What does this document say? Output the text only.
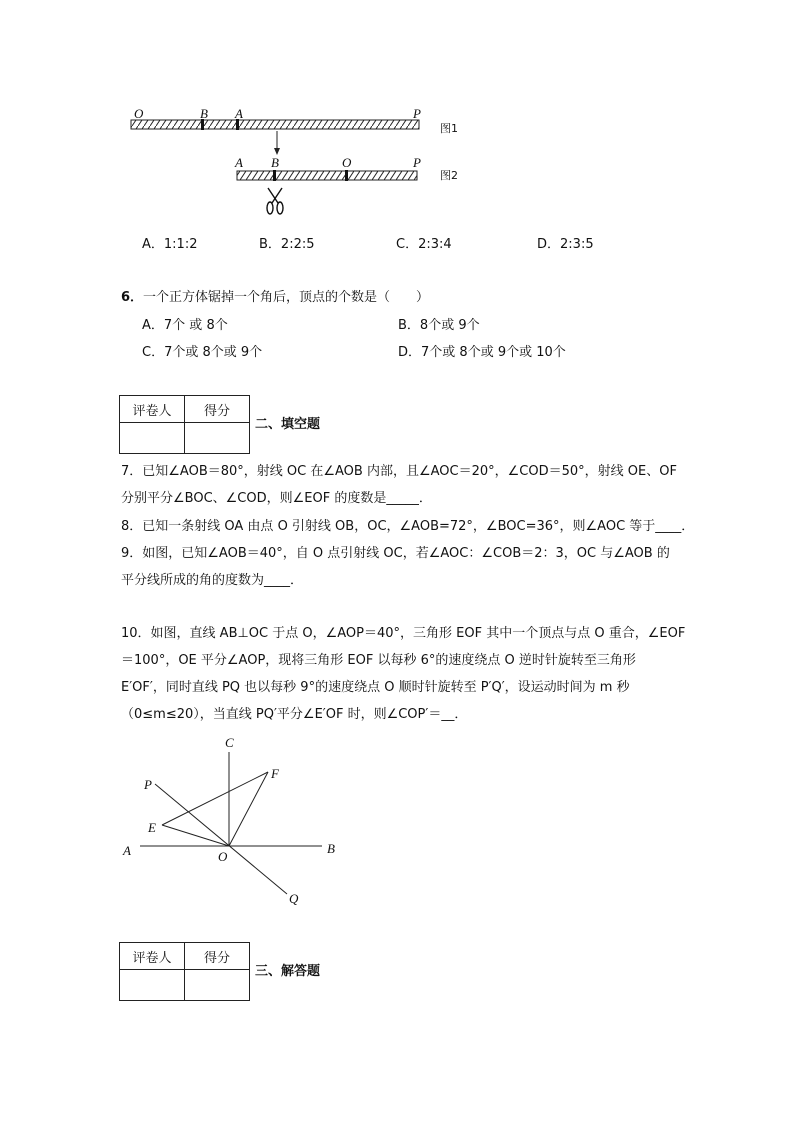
O	B A	P
图1
A B	O	P
图2
A．1:1:2	B．2:2:5	C．2:3:4	D．2:3:5
6．一个正方体锯掉一个角后，顶点的个数是（　　）
A．7个 或 8个	B．8个或 9个
C．7个或 8个或 9个	D．7个或 8个或 9个或 10个
评卷人	得分

二、填空题
7．已知∠AOB＝80°，射线 OC 在∠AOB 内部，且∠AOC＝20°，∠COD＝50°，射线 OE、OF
分别平分∠BOC、∠COD，则∠EOF 的度数是_____．
8．已知一条射线 OA 由点 O 引射线 OB，OC，∠AOB=72°，∠BOC=36°，则∠AOC 等于____．
9．如图，已知∠AOB＝40°，自 O 点引射线 OC，若∠AOC：∠COB＝2：3，OC 与∠AOB 的
平分线所成的角的度数为____．
10．如图，直线 AB⊥OC 于点 O，∠AOP＝40°，三角形 EOF 其中一个顶点与点 O 重合，∠EOF
＝100°，OE 平分∠AOP，现将三角形 EOF 以每秒 6°的速度绕点 O 逆时针旋转至三角形
E′OF′，同时直线 PQ 也以每秒 9°的速度绕点 O 顺时针旋转至 P′Q′，设运动时间为 m 秒
（0≤m≤20），当直线 PQ′平分∠E′OF 时，则∠COP′＝__．
C
F
P
E
A	O
B
Q
评卷人	得分

三、解答题
